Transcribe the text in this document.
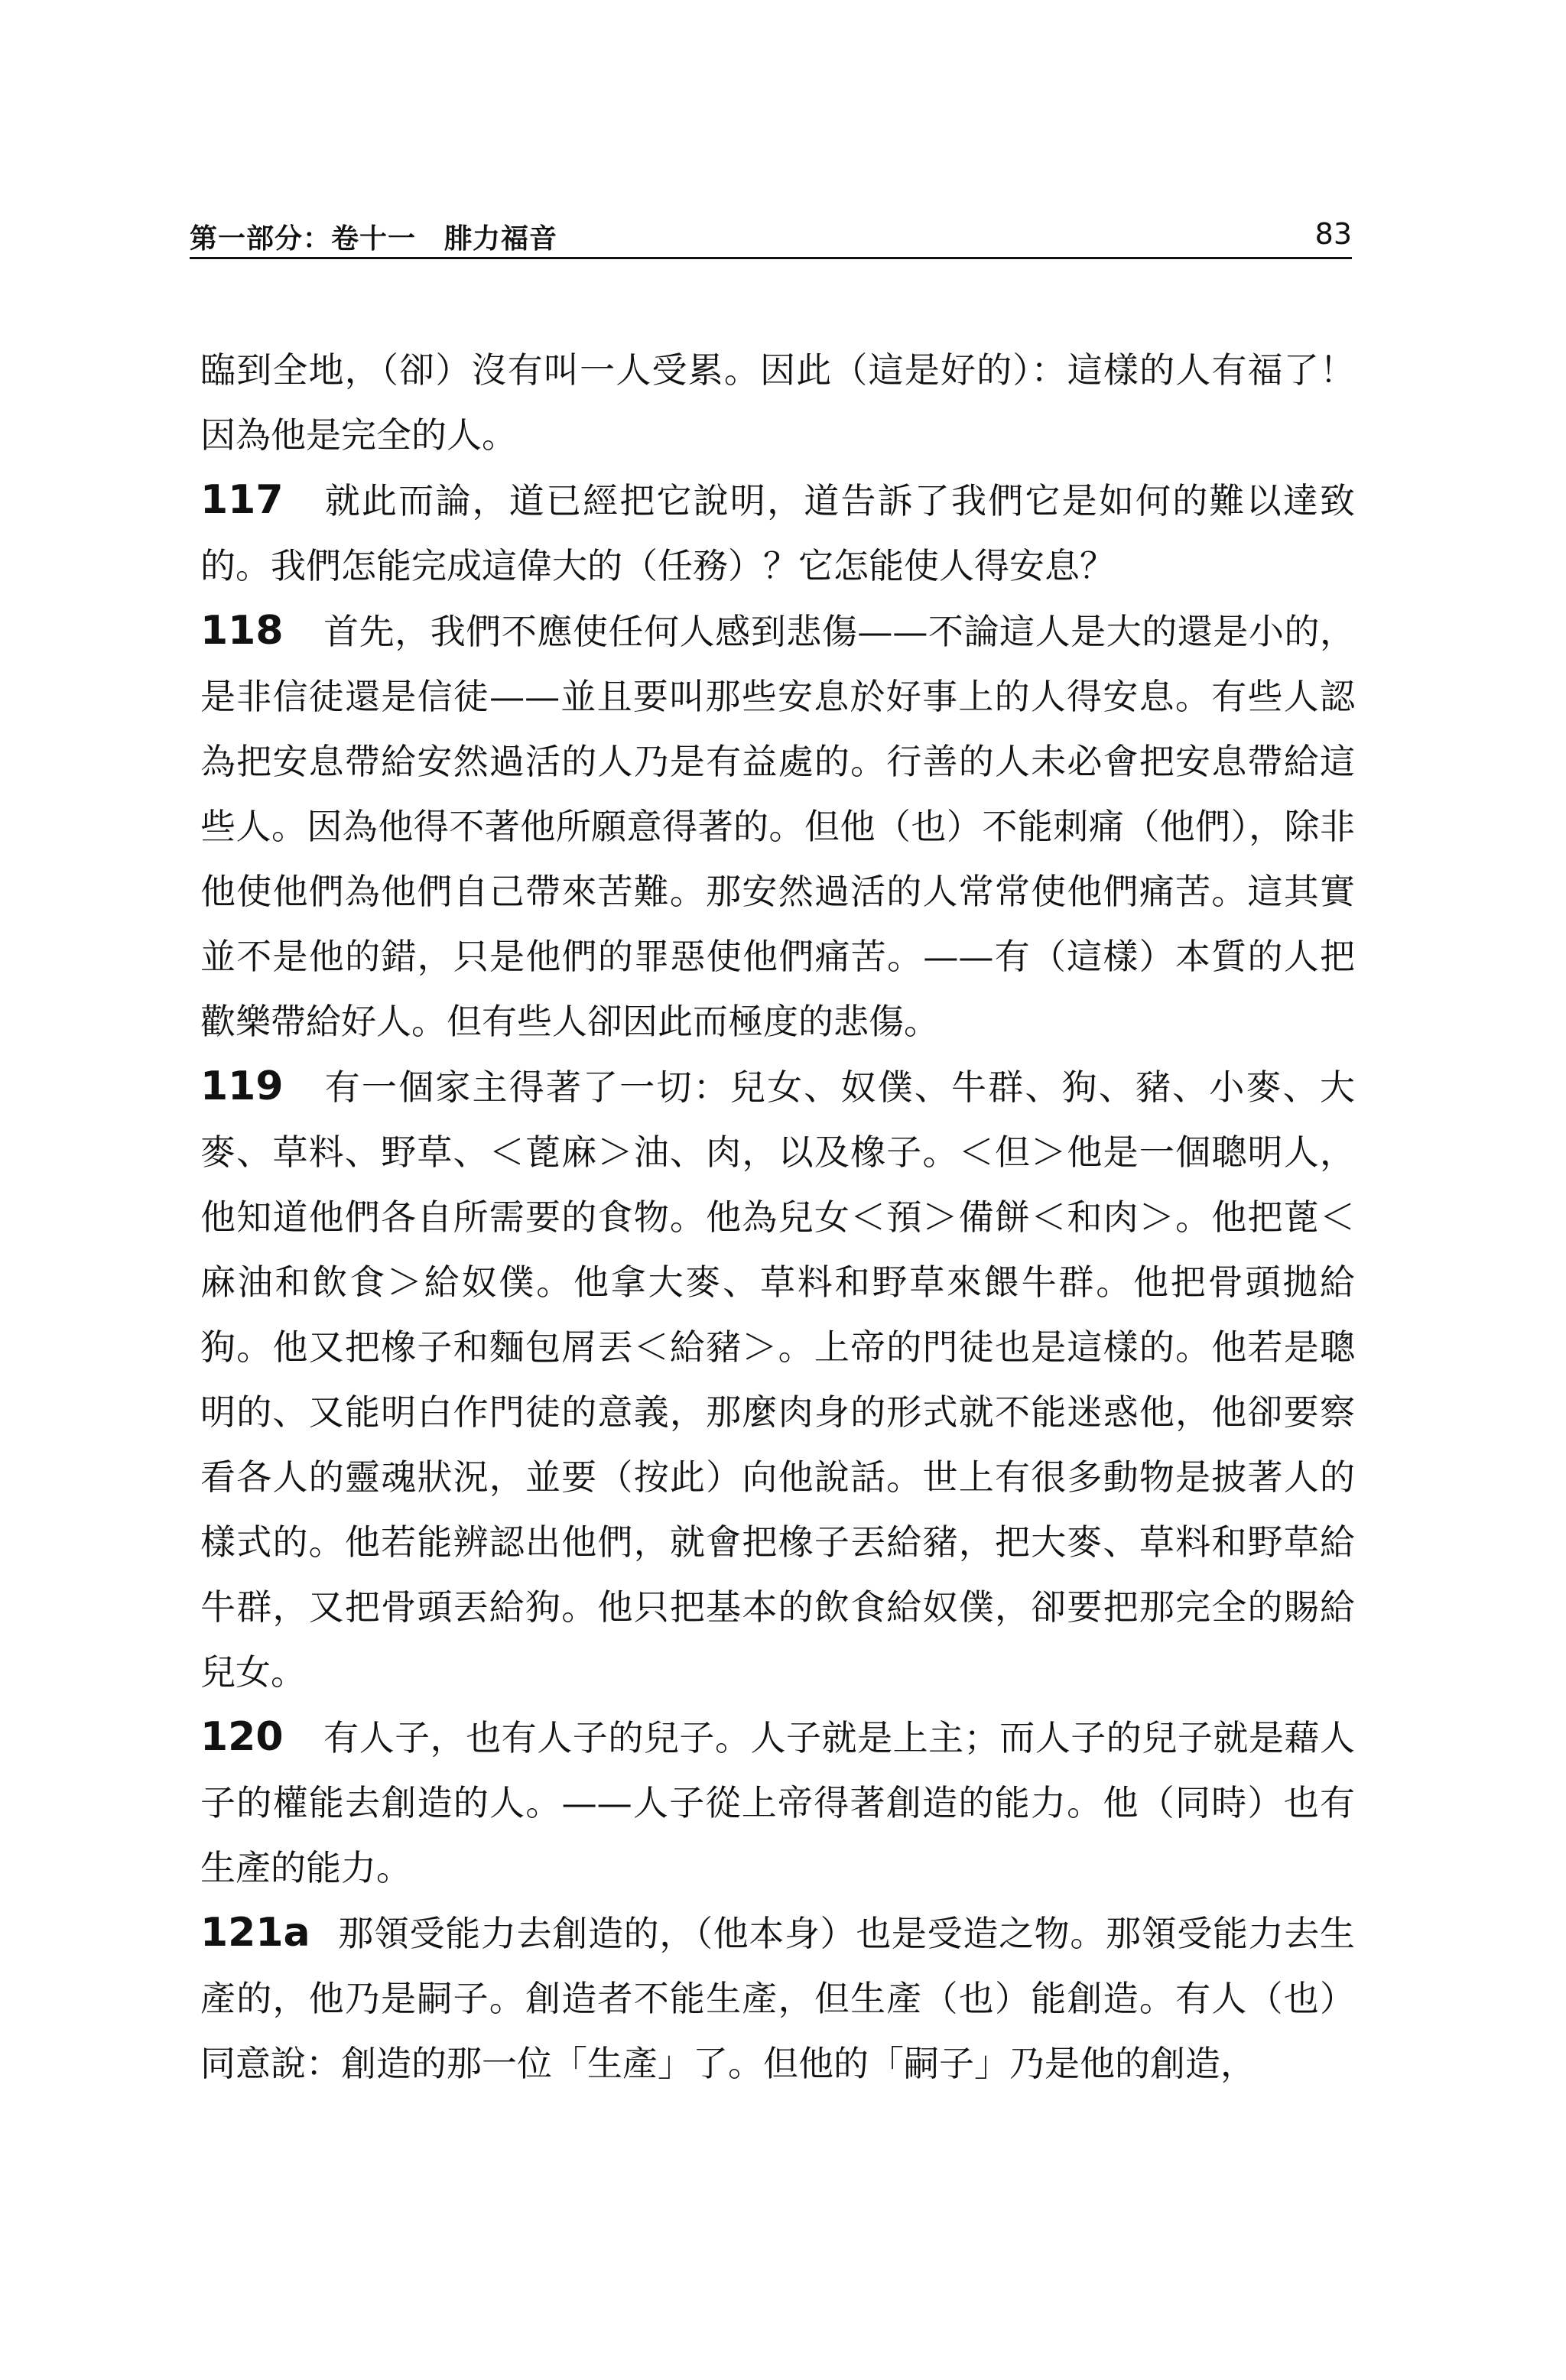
第一部分：卷十一　腓力福音	83

臨到全地，（卻）沒有叫一人受累。因此（這是好的）：這樣的人有福了！因為他是完全的人。

117 就此而論，道已經把它說明，道告訴了我們它是如何的難以達致的。我們怎能完成這偉大的（任務）？它怎能使人得安息？

118 首先，我們不應使任何人感到悲傷——不論這人是大的還是小的，是非信徒還是信徒——並且要叫那些安息於好事上的人得安息。有些人認為把安息帶給安然過活的人乃是有益處的。行善的人未必會把安息帶給這些人。因為他得不著他所願意得著的。但他（也）不能刺痛（他們），除非他使他們為他們自己帶來苦難。那安然過活的人常常使他們痛苦。這其實並不是他的錯，只是他們的罪惡使他們痛苦。——有（這樣）本質的人把歡樂帶給好人。但有些人卻因此而極度的悲傷。

119 有一個家主得著了一切：兒女、奴僕、牛群、狗、豬、小麥、大麥、草料、野草、＜蓖麻＞油、肉，以及橡子。＜但＞他是一個聰明人，他知道他們各自所需要的食物。他為兒女＜預＞備餅＜和肉＞。他把蓖＜麻油和飲食＞給奴僕。他拿大麥、草料和野草來餵牛群。他把骨頭拋給狗。他又把橡子和麵包屑丟＜給豬＞。上帝的門徒也是這樣的。他若是聰明的、又能明白作門徒的意義，那麼肉身的形式就不能迷惑他，他卻要察看各人的靈魂狀況，並要（按此）向他說話。世上有很多動物是披著人的樣式的。他若能辨認出他們，就會把橡子丟給豬，把大麥、草料和野草給牛群，又把骨頭丟給狗。他只把基本的飲食給奴僕，卻要把那完全的賜給兒女。

120 有人子，也有人子的兒子。人子就是上主；而人子的兒子就是藉人子的權能去創造的人。——人子從上帝得著創造的能力。他（同時）也有生產的能力。

121a 那領受能力去創造的，（他本身）也是受造之物。那領受能力去生產的，他乃是嗣子。創造者不能生產，但生產（也）能創造。有人（也）同意說：創造的那一位「生產」了。但他的「嗣子」乃是他的創造，
